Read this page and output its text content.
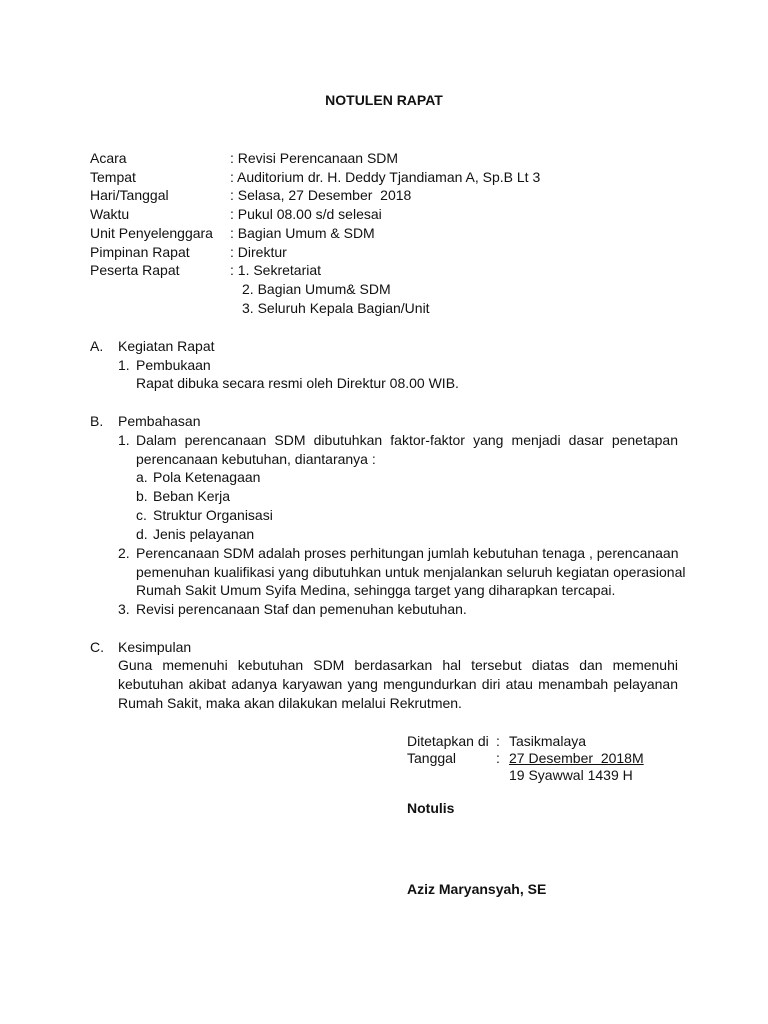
NOTULEN RAPAT
Acara	: Revisi Perencanaan SDM
Tempat	: Auditorium dr. H. Deddy Tjandiaman A, Sp.B Lt 3
Hari/Tanggal	: Selasa, 27 Desember  2018
Waktu	: Pukul 08.00 s/d selesai
Unit Penyelenggara : Bagian Umum & SDM
Pimpinan Rapat	: Direktur
Peserta Rapat	: 1. Sekretariat
2. Bagian Umum& SDM
3. Seluruh Kepala Bagian/Unit
A. Kegiatan Rapat
1. Pembukaan
Rapat dibuka secara resmi oleh Direktur 08.00 WIB.
B. Pembahasan
1. Dalam perencanaan SDM dibutuhkan faktor-faktor yang menjadi dasar penetapan
perencanaan kebutuhan, diantaranya :
a. Pola Ketenagaan
b. Beban Kerja
c. Struktur Organisasi
d. Jenis pelayanan
2. Perencanaan SDM adalah proses perhitungan jumlah kebutuhan tenaga , perencanaan
pemenuhan kualifikasi yang dibutuhkan untuk menjalankan seluruh kegiatan operasional
Rumah Sakit Umum Syifa Medina, sehingga target yang diharapkan tercapai.
3. Revisi perencanaan Staf dan pemenuhan kebutuhan.
C. Kesimpulan
Guna memenuhi kebutuhan SDM berdasarkan hal tersebut diatas dan memenuhi
kebutuhan akibat adanya karyawan yang mengundurkan diri atau menambah pelayanan
Rumah Sakit, maka akan dilakukan melalui Rekrutmen.
Ditetapkan di : Tasikmalaya
Tanggal	: 27 Desember  2018M
19 Syawwal 1439 H
Notulis
Aziz Maryansyah, SE
